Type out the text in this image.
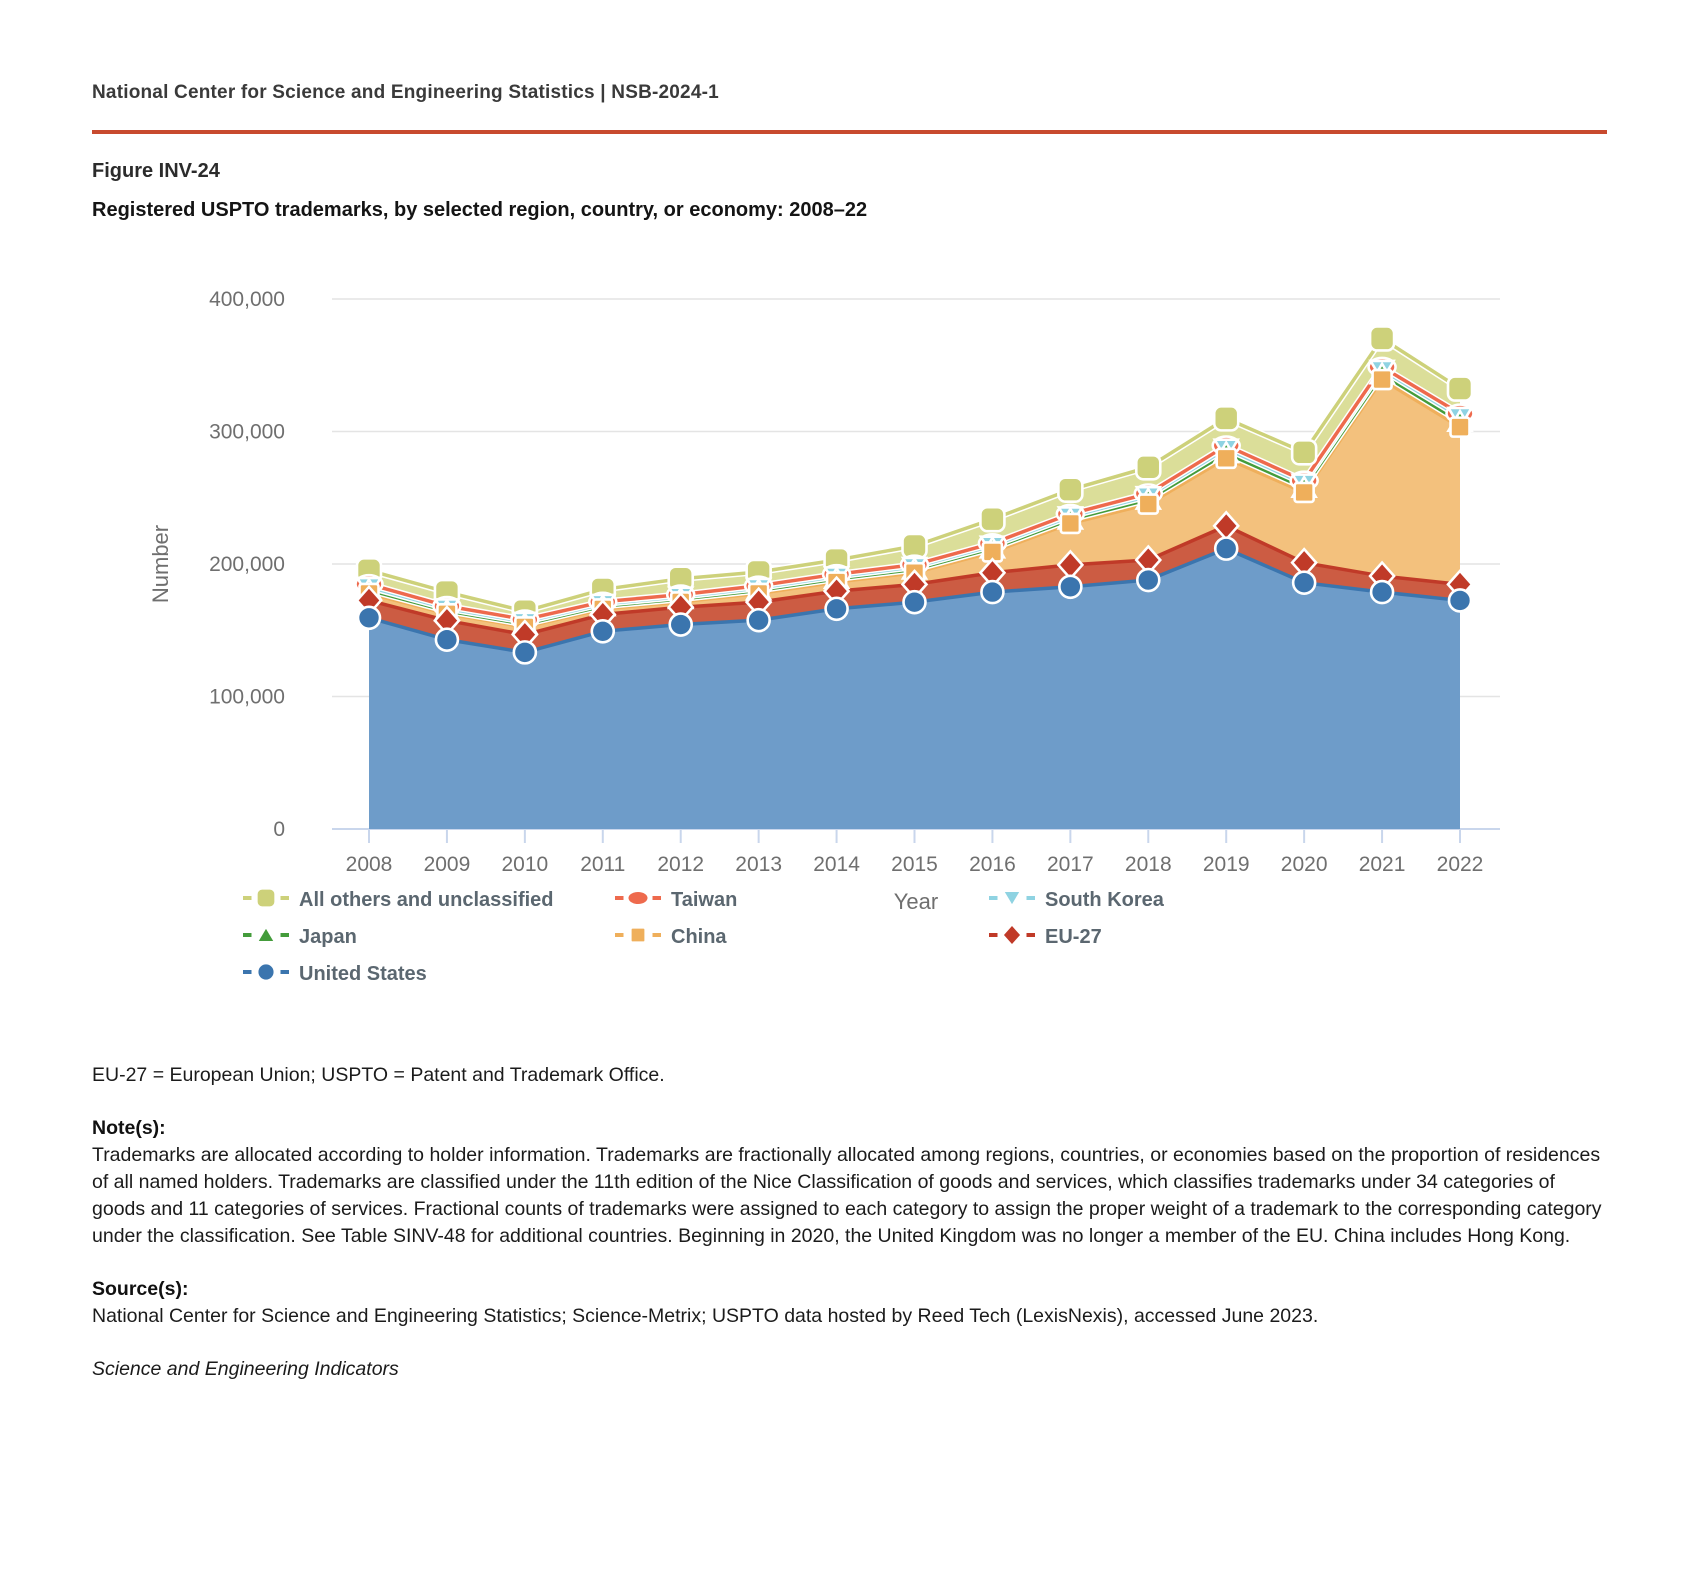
National Center for Science and Engineering Statistics | NSB-2024-1
Figure INV-24
Registered USPTO trademarks, by selected region, country, or economy: 2008–22
0
100,000
200,000
300,000
400,000
2008 2009 2010 2011 2012 2013 2014 2015 2016 2017 2018 2019 2020 2021 2022
Number
Year
All others and unclassified	Taiwan	South Korea
Japan	China	EU-27
United States

EU-27 = European Union; USPTO = Patent and Trademark Office.

Note(s):

Trademarks are allocated according to holder information. Trademarks are fractionally allocated among regions, countries, or economies based on the proportion of residences of all named holders. Trademarks are classified under the 11th edition of the Nice Classification of goods and services, which classifies trademarks under 34 categories of goods and 11 categories of services. Fractional counts of trademarks were assigned to each category to assign the proper weight of a trademark to the corresponding category under the classification. See Table SINV-48 for additional countries. Beginning in 2020, the United Kingdom was no longer a member of the EU. China includes Hong Kong.

Source(s):

National Center for Science and Engineering Statistics; Science-Metrix; USPTO data hosted by Reed Tech (LexisNexis), accessed June 2023.

Science and Engineering Indicators
